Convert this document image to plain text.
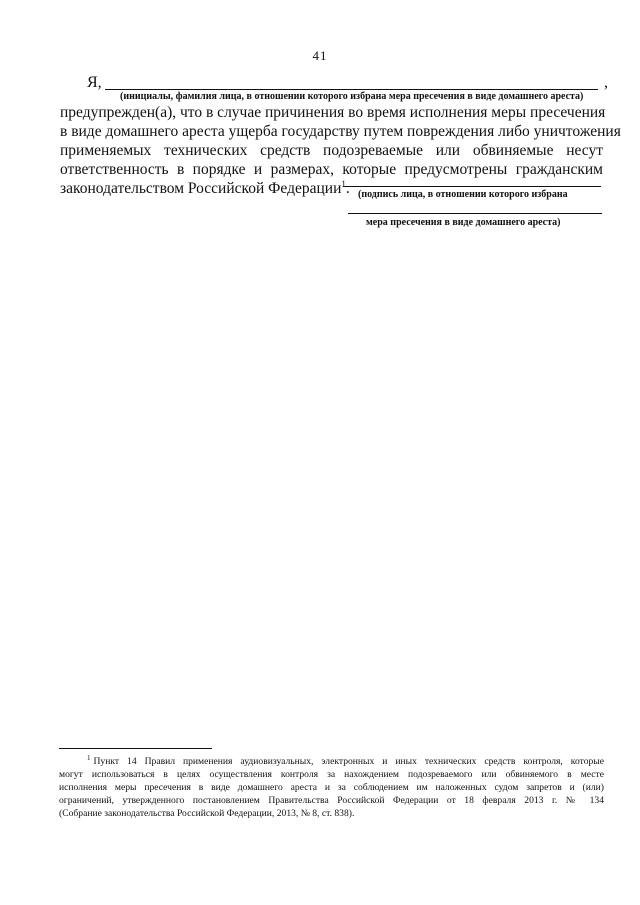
41
Я,	,
(инициалы, фамилия лица, в отношении которого избрана мера пресечения в виде домашнего ареста)
предупрежден(а), что в случае причинения во время исполнения меры пресечения
в виде домашнего ареста ущерба государству путем повреждения либо уничтожения
применяемых технических средств подозреваемые или обвиняемые несут
ответственность в порядке и размерах, которые предусмотрены гражданским
законодательством Российской Федерации$^1$. (подпись лица, в отношении которого избрана
мера пресечения в виде домашнего ареста)
$^1$ Пункт 14 Правил применения аудиовизуальных, электронных и иных технических средств контроля, которые
могут использоваться в целях осуществления контроля за нахождением подозреваемого или обвиняемого в месте
исполнения меры пресечения в виде домашнего ареста и за соблюдением им наложенных судом запретов и (или)
ограничений, утвержденного постановлением Правительства Российской Федерации от 18 февраля 2013 г. № 134
(Собрание законодательства Российской Федерации, 2013, № 8, ст. 838).
